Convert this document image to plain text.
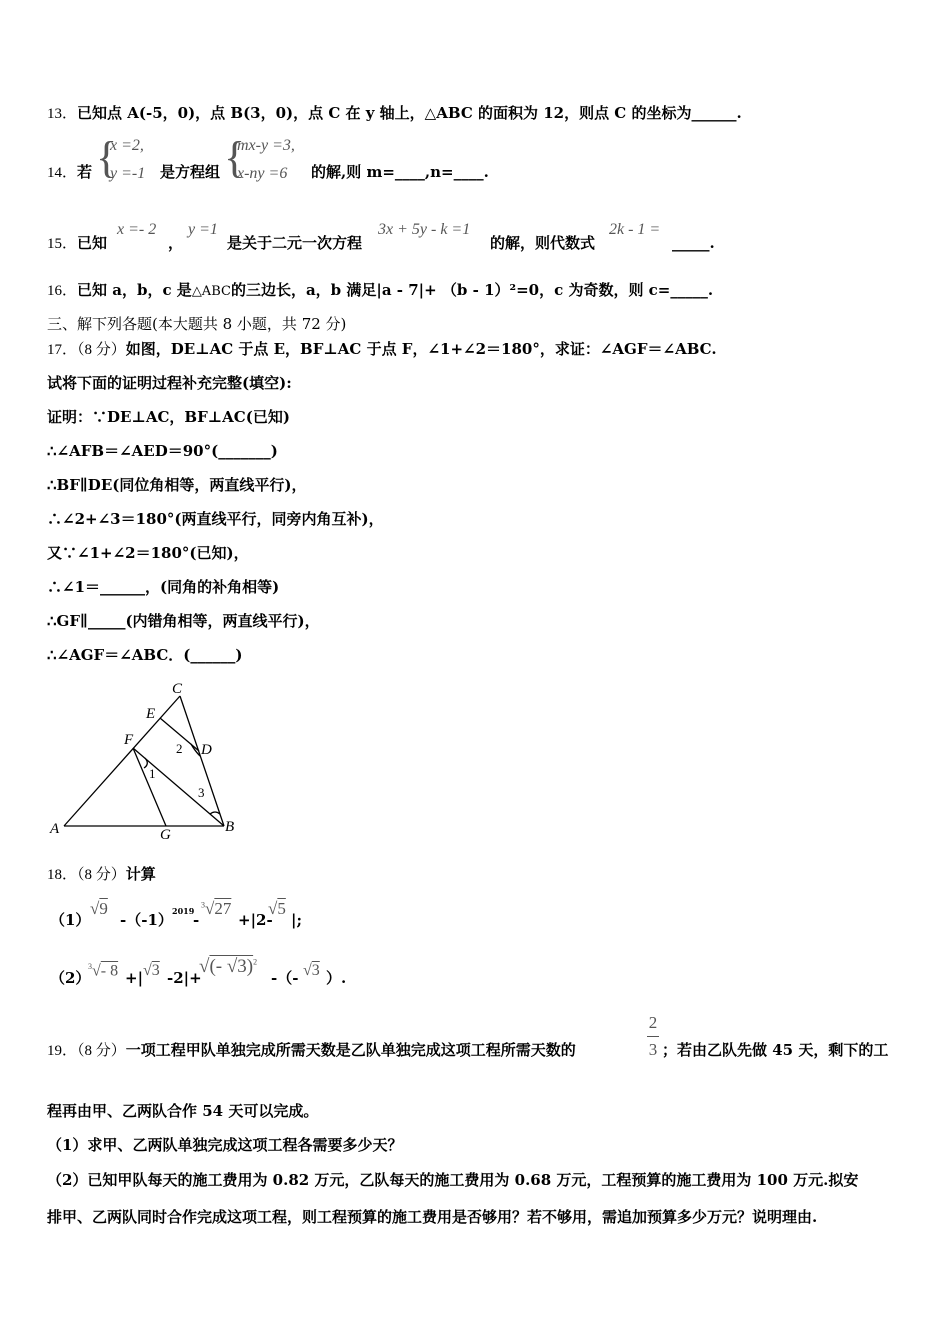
13．已知点 A(-5，0)，点 B(3，0)，点 C 在 y 轴上，△ABC 的面积为 12，则点 C 的坐标为______.
14．若 {
x =2,
y =-1 是方程组 {
mx-y =3,
x-ny =6 的解,则 m=____,n=____.
15．已知
x =- 2
，
y =1
是关于二元一次方程
3x + 5y - k =1
的解，则代数式
2k - 1 =
_____.
16．已知 a，b，c 是△ABC的三边长，a，b 满足|a - 7|+ （b - 1）²=0，c 为奇数，则 c=_____.
三、解下列各题(本大题共 8 小题，共 72 分)
17．（8 分）如图，DE⊥AC 于点 E，BF⊥AC 于点 F，∠1+∠2＝180°，求证：∠AGF＝∠ABC.
试将下面的证明过程补充完整(填空):
证明：∵DE⊥AC，BF⊥AC(已知)
∴∠AFB＝∠AED＝90°(_______)
∴BF∥DE(同位角相等，两直线平行)，
∴∠2+∠3＝180°(两直线平行，同旁内角互补)，
又∵∠1+∠2＝180°(已知)，
∴∠1＝______，(同角的补角相等)
∴GF∥_____(内错角相等，两直线平行)，
∴∠AGF＝∠ABC．(______)
C
E
F
D
A	G	B
1
2
3
18．（8 分）计算
（1）
√9
-（-1） 2019
-
$^3$√27
+|2-
√5
|;
（2）
$^3$√- 8 +| √3 -2|+
√(- √3)$^2$
-（- √3 ）.
19．（8 分）一项工程甲队单独完成所需天数是乙队单独完成这项工程所需天数的
2
3 ；若由乙队先做 45 天，剩下的工
程再由甲、乙两队合作 54 天可以完成。
（1）求甲、乙两队单独完成这项工程各需要多少天？
（2）已知甲队每天的施工费用为 0.82 万元，乙队每天的施工费用为 0.68 万元，工程预算的施工费用为 100 万元.拟安
排甲、乙两队同时合作完成这项工程，则工程预算的施工费用是否够用？若不够用，需追加预算多少万元？说明理由.
